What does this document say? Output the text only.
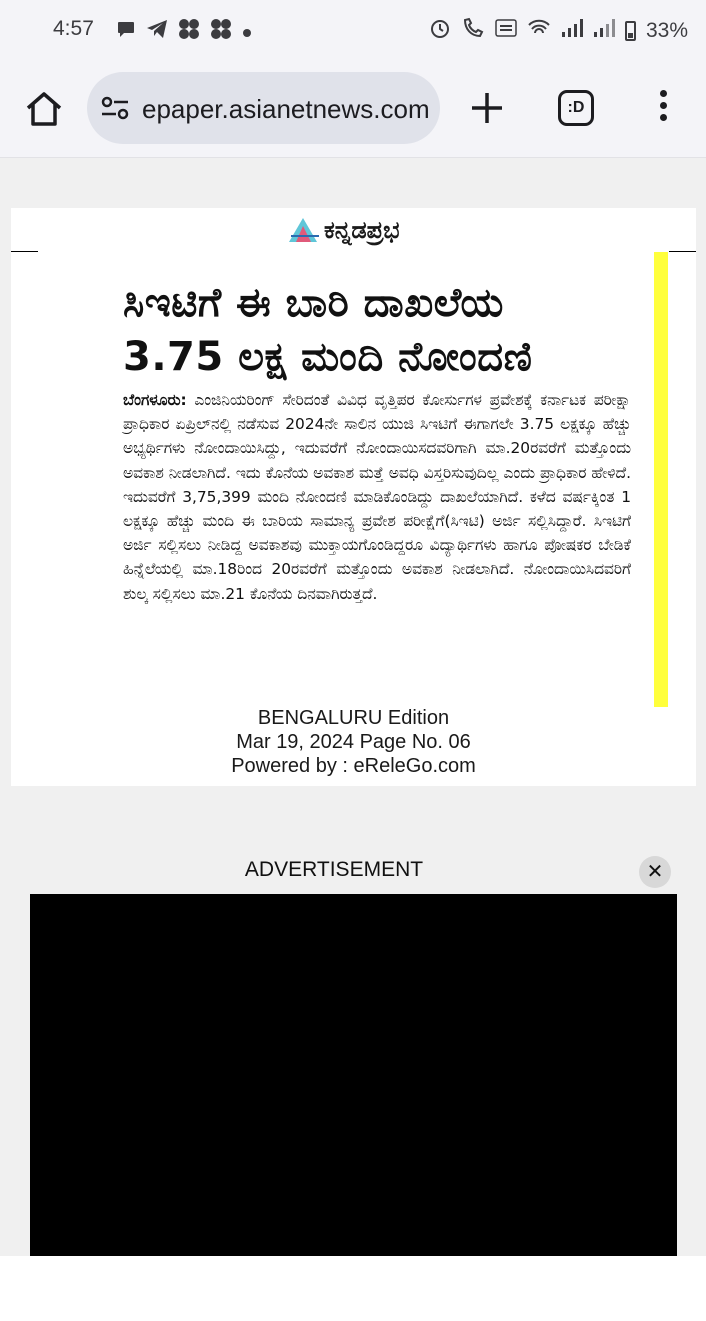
4:57	33%
epaper.asianetnews.com	:D
ಕನ್ನಡಪ್ರಭ
ಸಿಇಟಿಗೆ ಈ ಬಾರಿ ದಾಖಲೆಯ
3.75 ಲಕ್ಷ ಮಂದಿ ನೋಂದಣಿ
ಬೆಂಗಳೂರು: ಎಂಜಿನಿಯರಿಂಗ್ ಸೇರಿದಂತೆ ವಿವಿಧ ವೃತ್ತಿಪರ ಕೋರ್ಸುಗಳ ಪ್ರವೇಶಕ್ಕೆ ಕರ್ನಾಟಕ ಪರೀಕ್ಷಾ ಪ್ರಾಧಿಕಾರ ಏಪ್ರಿಲ್‌ನಲ್ಲಿ ನಡೆಸುವ 2024ನೇ ಸಾಲಿನ ಯುಜಿ ಸಿಇಟಿಗೆ ಈಗಾಗಲೇ 3.75 ಲಕ್ಷಕ್ಕೂ ಹೆಚ್ಚು ಅಭ್ಯರ್ಥಿಗಳು ನೋಂದಾಯಿಸಿದ್ದು, ಇದುವರೆಗೆ ನೋಂದಾಯಿಸದವರಿಗಾಗಿ ಮಾ.20ರವರೆಗೆ ಮತ್ತೊಂದು ಅವಕಾಶ ನೀಡಲಾಗಿದೆ. ಇದು ಕೊನೆಯ ಅವಕಾಶ ಮತ್ತೆ ಅವಧಿ ವಿಸ್ತರಿಸುವುದಿಲ್ಲ ಎಂದು ಪ್ರಾಧಿಕಾರ ಹೇಳಿದೆ. ಇದುವರೆಗೆ 3,75,399 ಮಂದಿ ನೋಂದಣಿ ಮಾಡಿಕೊಂಡಿದ್ದು ದಾಖಲೆಯಾಗಿದೆ. ಕಳೆದ ವರ್ಷಕ್ಕಿಂತ 1 ಲಕ್ಷಕ್ಕೂ ಹೆಚ್ಚು ಮಂದಿ ಈ ಬಾರಿಯ ಸಾಮಾನ್ಯ ಪ್ರವೇಶ ಪರೀಕ್ಷೆಗೆ(ಸಿಇಟಿ) ಅರ್ಜಿ ಸಲ್ಲಿಸಿದ್ದಾರೆ. ಸಿಇಟಿಗೆ ಅರ್ಜಿ ಸಲ್ಲಿಸಲು ನೀಡಿದ್ದ ಅವಕಾಶವು ಮುಕ್ತಾಯಗೊಂಡಿದ್ದರೂ ವಿದ್ಯಾರ್ಥಿಗಳು ಹಾಗೂ ಪೋಷಕರ ಬೇಡಿಕೆ ಹಿನ್ನೆಲೆಯಲ್ಲಿ ಮಾ.18ರಿಂದ 20ರವರೆಗೆ ಮತ್ತೊಂದು ಅವಕಾಶ ನೀಡಲಾಗಿದೆ. ನೋಂದಾಯಿಸಿದವರಿಗೆ ಶುಲ್ಕ ಸಲ್ಲಿಸಲು ಮಾ.21 ಕೊನೆಯ ದಿನವಾಗಿರುತ್ತದೆ.
BENGALURU Edition
Mar 19, 2024 Page No. 06
Powered by : eReleGo.com
ADVERTISEMENT	✕
